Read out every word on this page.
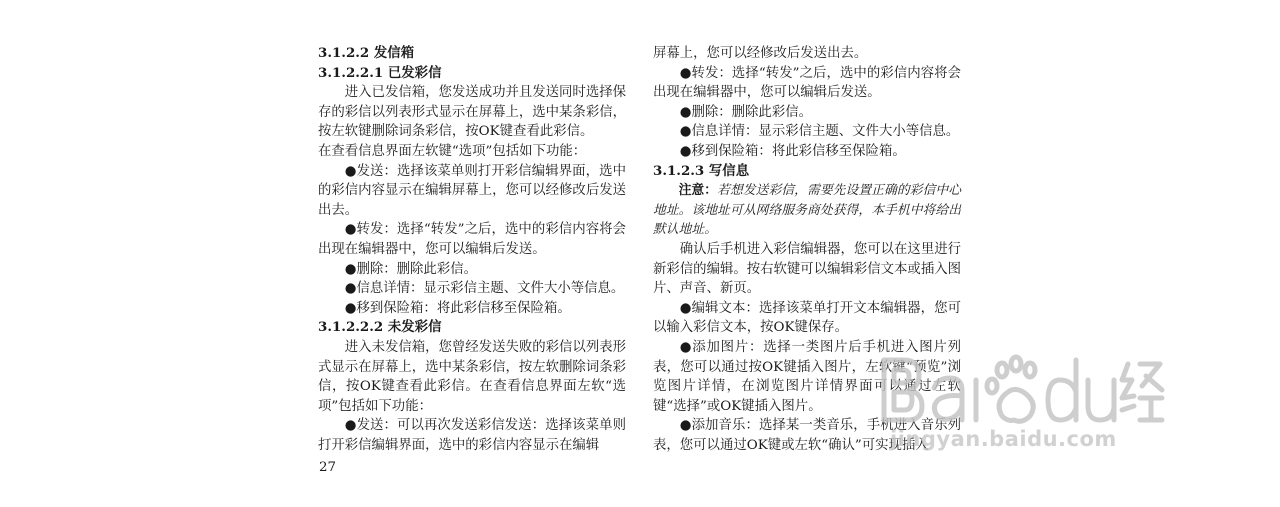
3.1.2.2 发信箱

3.1.2.2.1 已发彩信

进入已发信箱，您发送成功并且发送同时选择保存的彩信以列表形式显示在屏幕上，选中某条彩信，按左软键删除词条彩信，按OK键查看此彩信。

在查看信息界面左软键“选项”包括如下功能：

●发送：选择该菜单则打开彩信编辑界面，选中的彩信内容显示在编辑屏幕上，您可以经修改后发送出去。

●转发：选择“转发”之后，选中的彩信内容将会出现在编辑器中，您可以编辑后发送。

●删除：删除此彩信。

●信息详情：显示彩信主题、文件大小等信息。

●移到保险箱：将此彩信移至保险箱。

3.1.2.2.2 未发彩信

进入未发信箱，您曾经发送失败的彩信以列表形式显示在屏幕上，选中某条彩信，按左软删除词条彩信，按OK键查看此彩信。在查看信息界面左软“选项”包括如下功能：

●发送：可以再次发送彩信发送：选择该菜单则打开彩信编辑界面，选中的彩信内容显示在编辑

屏幕上，您可以经修改后发送出去。

●转发：选择“转发”之后，选中的彩信内容将会出现在编辑器中，您可以编辑后发送。

●删除：删除此彩信。

●信息详情：显示彩信主题、文件大小等信息。

●移到保险箱：将此彩信移至保险箱。

3.1.2.3 写信息

注意：若想发送彩信，需要先设置正确的彩信中心地址。该地址可从网络服务商处获得，本手机中将给出默认地址。

确认后手机进入彩信编辑器，您可以在这里进行新彩信的编辑。按右软键可以编辑彩信文本或插入图片、声音、新页。

●编辑文本：选择该菜单打开文本编辑器，您可以输入彩信文本，按OK键保存。

●添加图片：选择一类图片后手机进入图片列表，您可以通过按OK键插入图片，左软键“预览”浏览图片详情，在浏览图片详情界面可以通过左软键“选择”或OK键插入图片。

●添加音乐：选择某一类音乐，手机进入音乐列表，您可以通过OK键或左软“确认”可实现插入

27
jingyan.baidu.com
